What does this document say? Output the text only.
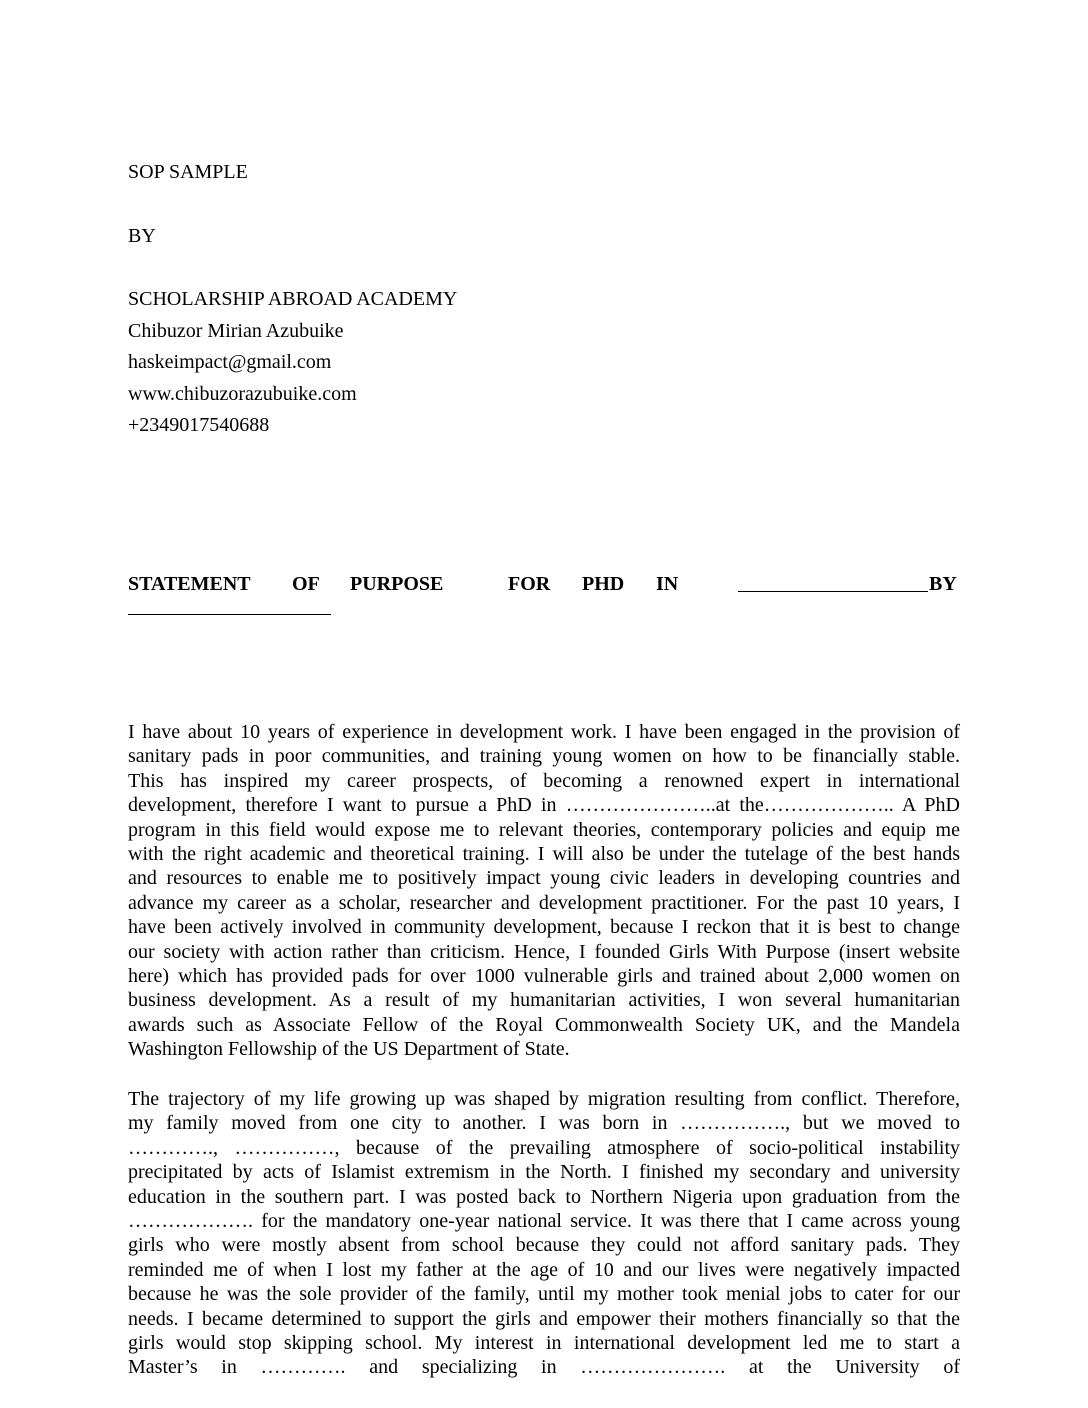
SOP SAMPLE
BY
SCHOLARSHIP ABROAD ACADEMY
Chibuzor Mirian Azubuike
haskeimpact@gmail.com
www.chibuzorazubuike.com
+2349017540688
STATEMENT OF PURPOSE	FOR PHD IN	BY
I have about 10 years of experience in development work. I have been engaged in the provision of
sanitary pads in poor communities, and training young women on how to be financially stable.
This has inspired my career prospects, of becoming a renowned expert in international
development, therefore I want to pursue a PhD in …………………..at the……………….. A PhD
program in this field would expose me to relevant theories, contemporary policies and equip me
with the right academic and theoretical training. I will also be under the tutelage of the best hands
and resources to enable me to positively impact young civic leaders in developing countries and
advance my career as a scholar, researcher and development practitioner. For the past 10 years, I
have been actively involved in community development, because I reckon that it is best to change
our society with action rather than criticism. Hence, I founded Girls With Purpose (insert website
here) which has provided pads for over 1000 vulnerable girls and trained about 2,000 women on
business development. As a result of my humanitarian activities, I won several humanitarian
awards such as Associate Fellow of the Royal Commonwealth Society UK, and the Mandela
Washington Fellowship of the US Department of State.
The trajectory of my life growing up was shaped by migration resulting from conflict. Therefore,
my family moved from one city to another. I was born in ……………., but we moved to
…………., ……………, because of the prevailing atmosphere of socio-political instability
precipitated by acts of Islamist extremism in the North. I finished my secondary and university
education in the southern part. I was posted back to Northern Nigeria upon graduation from the
………………. for the mandatory one-year national service. It was there that I came across young
girls who were mostly absent from school because they could not afford sanitary pads. They
reminded me of when I lost my father at the age of 10 and our lives were negatively impacted
because he was the sole provider of the family, until my mother took menial jobs to cater for our
needs. I became determined to support the girls and empower their mothers financially so that the
girls would stop skipping school. My interest in international development led me to start a
Master’s in …………. and specializing in …………………. at the University of
